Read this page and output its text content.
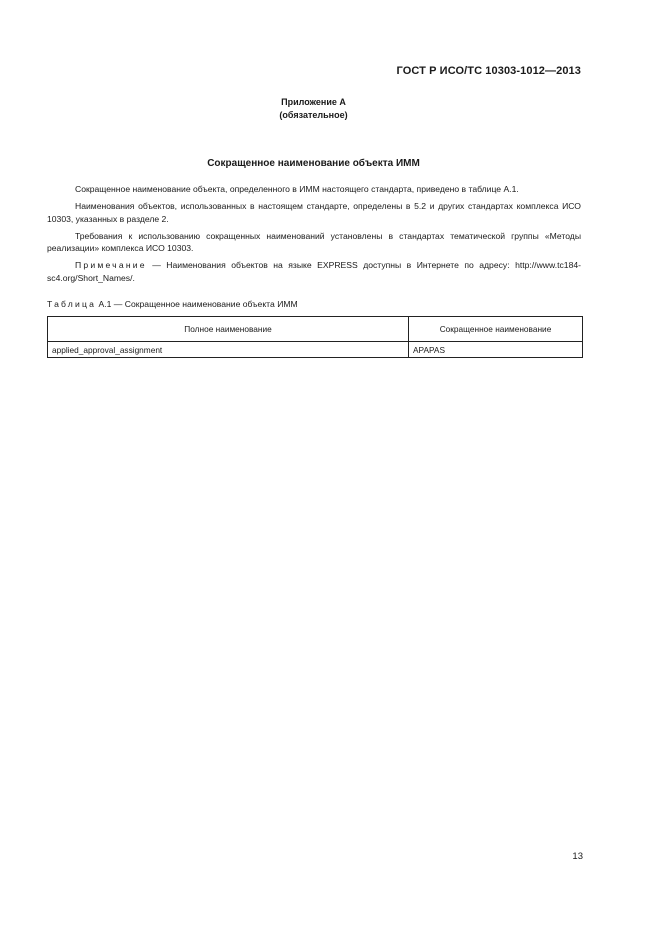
ГОСТ Р ИСО/ТС 10303-1012—2013
Приложение А
(обязательное)
Сокращенное наименование объекта ИММ

Сокращенное наименование объекта, определенного в ИММ настоящего стандарта, приведено в таблице А.1.

Наименования объектов, использованных в настоящем стандарте, определены в 5.2 и других стандартах комплекса ИСО 10303, указанных в разделе 2.

Требования к использованию сокращенных наименований установлены в стандартах тематической группы «Методы реализации» комплекса ИСО 10303.

Примечание — Наименования объектов на языке EXPRESS доступны в Интернете по адресу: http://www.tc184-sc4.org/Short_Names/.

Таблица А.1 — Сокращенное наименование объекта ИММ
Полное наименование	Сокращенное наименование
applied_approval_assignment	APAPAS
13
